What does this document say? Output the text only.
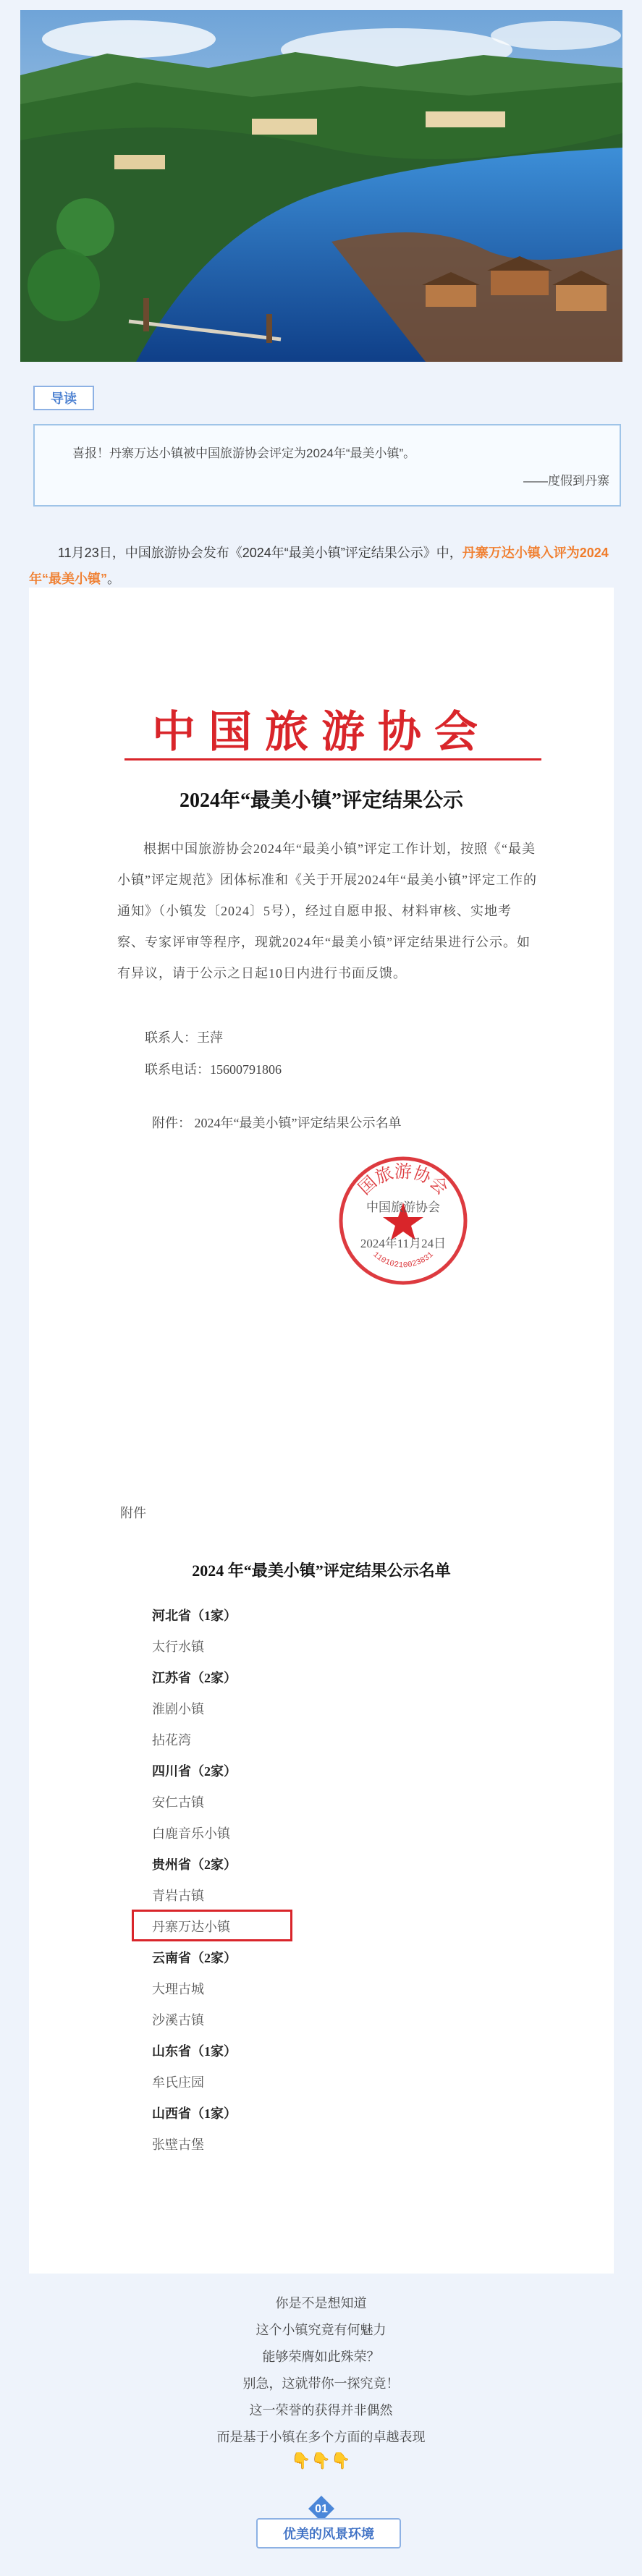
导读
喜报！丹寨万达小镇被中国旅游协会评定为2024年“最美小镇”。
——度假到丹寨
11月23日，中国旅游协会发布《2024年“最美小镇”评定结果公示》中，丹寨万达小镇入评为2024年“最美小镇”。
中国旅游协会
2024年“最美小镇”评定结果公示
根据中国旅游协会2024年“最美小镇”评定工作计划，按照《“最美小镇”评定规范》团体标准和《关于开展2024年“最美小镇”评定工作的通知》（小镇发〔2024〕5号），经过自愿申报、材料审核、实地考察、专家评审等程序，现就2024年“最美小镇”评定结果进行公示。如有异议，请于公示之日起10日内进行书面反馈。
联系人：王萍
联系电话：15600791806
附件： 2024年“最美小镇”评定结果公示名单
国旅游协会
11010210023831
中国旅游协会
2024年11月24日
附件
2024 年“最美小镇”评定结果公示名单
河北省（1家）
太行水镇
江苏省（2家）
淮剧小镇
拈花湾
四川省（2家）
安仁古镇
白鹿音乐小镇
贵州省（2家）
青岩古镇
丹寨万达小镇
云南省（2家）
大理古城
沙溪古镇
山东省（1家）
牟氏庄园
山西省（1家）
张壁古堡
你是不是想知道
这个小镇究竟有何魅力
能够荣膺如此殊荣？
别急，这就带你一探究竟！
这一荣誉的获得并非偶然
而是基于小镇在多个方面的卓越表现
👇👇👇
01
优美的风景环境
